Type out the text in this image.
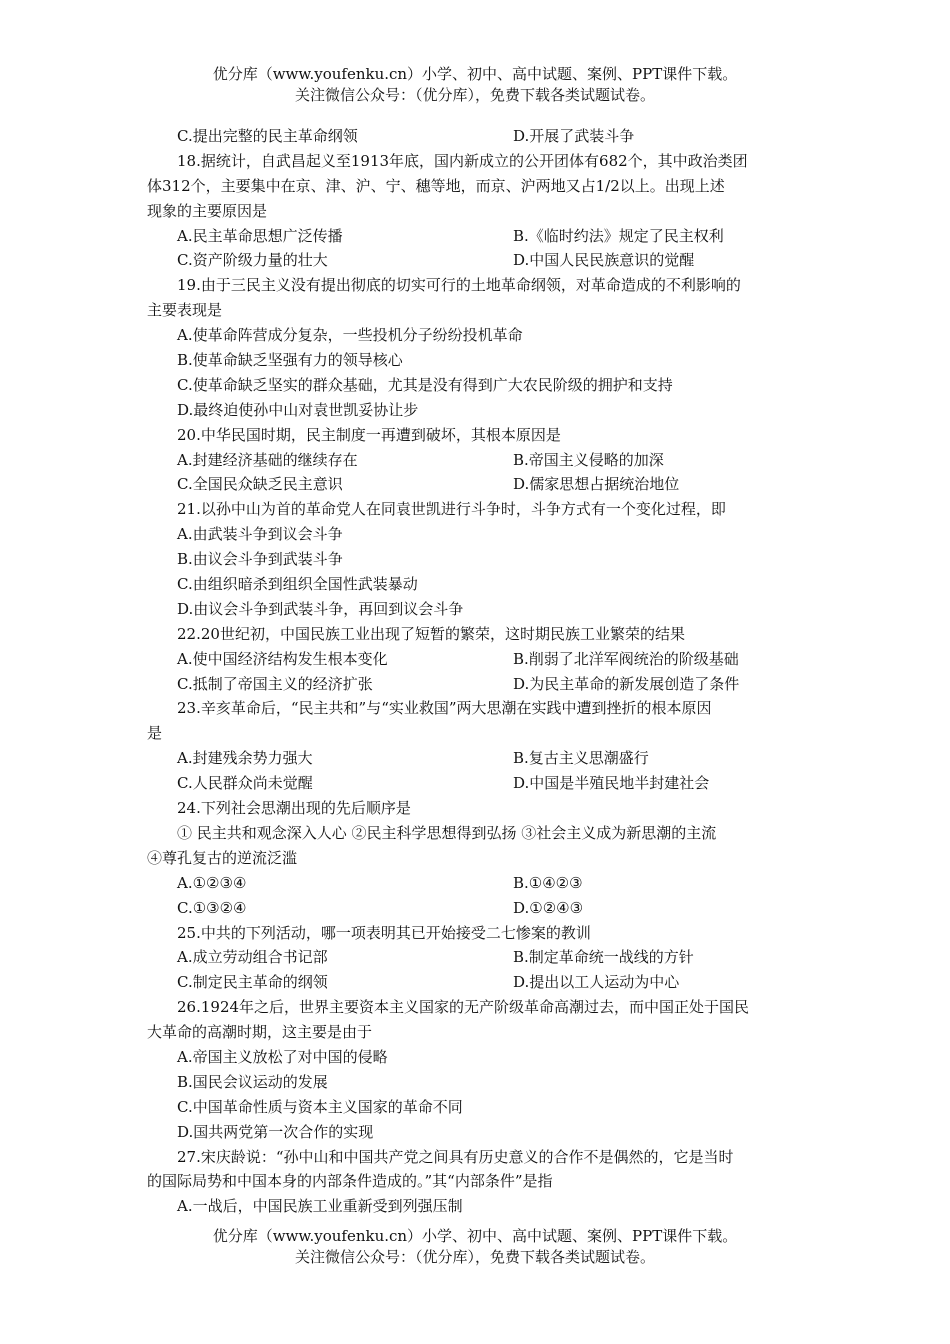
优分库（www.youfenku.cn）小学、初中、高中试题、案例、PPT课件下载。
关注微信公众号：（优分库），免费下载各类试题试卷。
C.提出完整的民主革命纲领	D.开展了武装斗争
18.据统计，自武昌起义至1913年底，国内新成立的公开团体有682个，其中政治类团
体312个，主要集中在京、津、沪、宁、穗等地，而京、沪两地又占1/2以上。出现上述
现象的主要原因是
A.民主革命思想广泛传播	B.《临时约法》规定了民主权利
C.资产阶级力量的壮大	D.中国人民民族意识的觉醒
19.由于三民主义没有提出彻底的切实可行的土地革命纲领，对革命造成的不利影响的
主要表现是
A.使革命阵营成分复杂，一些投机分子纷纷投机革命
B.使革命缺乏坚强有力的领导核心
C.使革命缺乏坚实的群众基础，尤其是没有得到广大农民阶级的拥护和支持
D.最终迫使孙中山对袁世凯妥协让步
20.中华民国时期，民主制度一再遭到破坏，其根本原因是
A.封建经济基础的继续存在	B.帝国主义侵略的加深
C.全国民众缺乏民主意识	D.儒家思想占据统治地位
21.以孙中山为首的革命党人在同袁世凯进行斗争时，斗争方式有一个变化过程，即
A.由武装斗争到议会斗争
B.由议会斗争到武装斗争
C.由组织暗杀到组织全国性武装暴动
D.由议会斗争到武装斗争，再回到议会斗争
22.20世纪初，中国民族工业出现了短暂的繁荣，这时期民族工业繁荣的结果
A.使中国经济结构发生根本变化	B.削弱了北洋军阀统治的阶级基础
C.抵制了帝国主义的经济扩张	D.为民主革命的新发展创造了条件
23.辛亥革命后，“民主共和”与“实业救国”两大思潮在实践中遭到挫折的根本原因
是
A.封建残余势力强大	B.复古主义思潮盛行
C.人民群众尚未觉醒	D.中国是半殖民地半封建社会
24.下列社会思潮出现的先后顺序是
① 民主共和观念深入人心 ②民主科学思想得到弘扬 ③社会主义成为新思潮的主流
④尊孔复古的逆流泛滥
A.①②③④	B.①④②③
C.①③②④	D.①②④③
25.中共的下列活动，哪一项表明其已开始接受二七惨案的教训
A.成立劳动组合书记部	B.制定革命统一战线的方针
C.制定民主革命的纲领	D.提出以工人运动为中心
26.1924年之后，世界主要资本主义国家的无产阶级革命高潮过去，而中国正处于国民
大革命的高潮时期，这主要是由于
A.帝国主义放松了对中国的侵略
B.国民会议运动的发展
C.中国革命性质与资本主义国家的革命不同
D.国共两党第一次合作的实现
27.宋庆龄说：“孙中山和中国共产党之间具有历史意义的合作不是偶然的，它是当时
的国际局势和中国本身的内部条件造成的。”其“内部条件”是指
A.一战后，中国民族工业重新受到列强压制
优分库（www.youfenku.cn）小学、初中、高中试题、案例、PPT课件下载。
关注微信公众号：（优分库），免费下载各类试题试卷。
